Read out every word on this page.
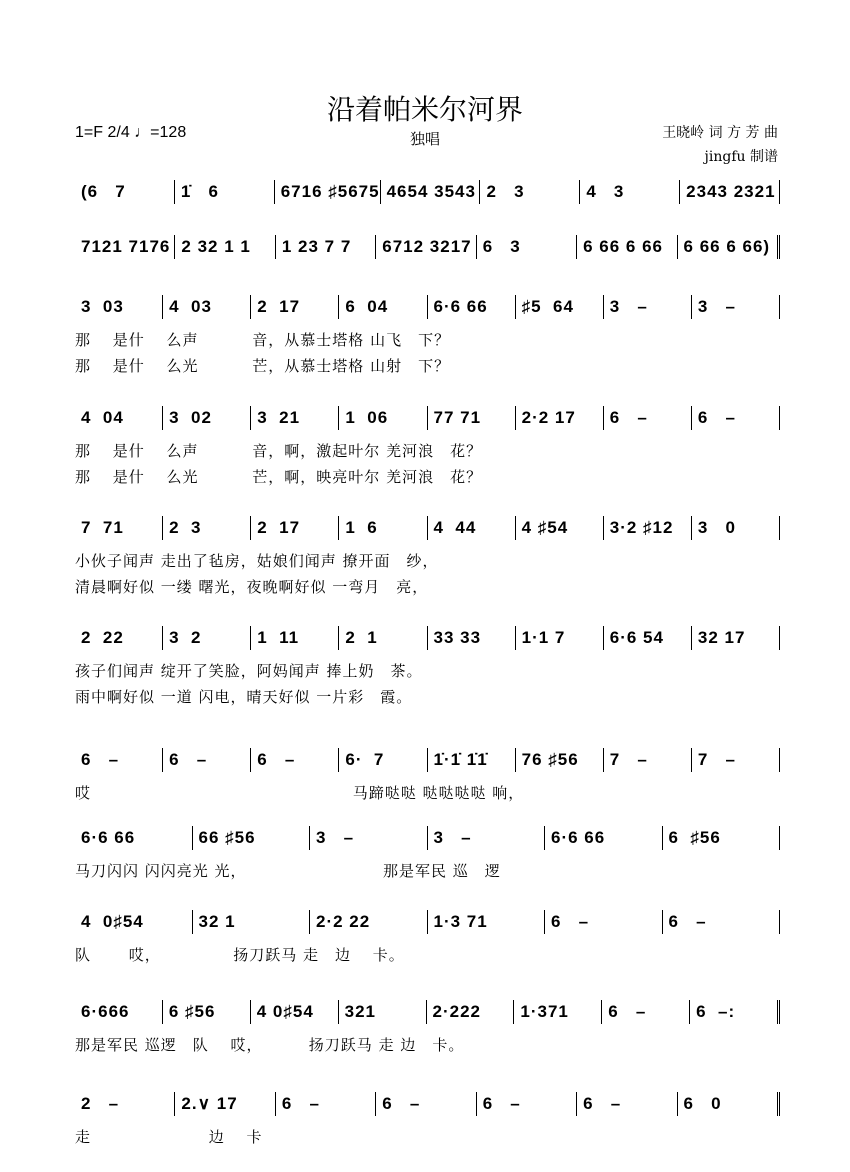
沿着帕米尔河界
独唱
1=F 2/4 ♩=128	王晓岭 词 方 芳 曲
jingfu 制谱
(6   7	1̇   6	6716 ♯5675 4654 3543 2   3	4   3	2343 2321
7121 7176 2 32 1 1	1 23 7 7	6712 3217 6   3	6 66 6 66	6 66 6 66)
3  03	4  03	2  17	6  04	6·6 66	♯5  64	3   –	3   –
那　 是什　 么声　　　 音，从慕士塔格 山飞　下？
那　 是什　 么光　　　 芒，从慕士塔格 山射　下？
4  04	3  02	3  21	1  06	77 71	2·2 17	6   –	6   –
那　 是什　 么声　　　 音，啊，激起叶尔 羌河浪　花？
那　 是什　 么光　　　 芒，啊，映亮叶尔 羌河浪　花？
7  71	2  3	2  17	1  6	4  44	4 ♯54	3·2 ♯12	3   0
小伙子闻声 走出了毡房，姑娘们闻声 撩开面　纱，
清晨啊好似 一缕 曙光，夜晚啊好似 一弯月　亮，
2  22	3  2	1  11	2  1	33 33	1·1 7	6·6 54	32 17
孩子们闻声 绽开了笑脸，阿妈闻声 捧上奶　茶。
雨中啊好似 一道 闪电，晴天好似 一片彩　霞。
6   –	6   –	6   –	6·  7	1̇·1̇ 1̇1̇	76 ♯56	7   –	7   –
哎　　　　　　　　　　　　　　　　 马蹄哒哒 哒哒哒哒 响，
6·6 66	66 ♯56	3   –	3   –	6·6 66	6  ♯56
马刀闪闪 闪闪亮光 光，　　　　　　　　　那是军民 巡　逻
4  0♯54	32 1	2·2 22	1·3 71	6   –	6   –
队　　 哎，　　　　　扬刀跃马 走　边　 卡。
6·666	6 ♯56	4 0♯54	321	2·222	1·371	6   –	6  –:
那是军民 巡逻　队　 哎，　　　 扬刀跃马 走 边　卡。
2   –	2.∨ 17	6   –	6   –	6   –	6   –	6   0
走　　　　　　　 边　 卡
